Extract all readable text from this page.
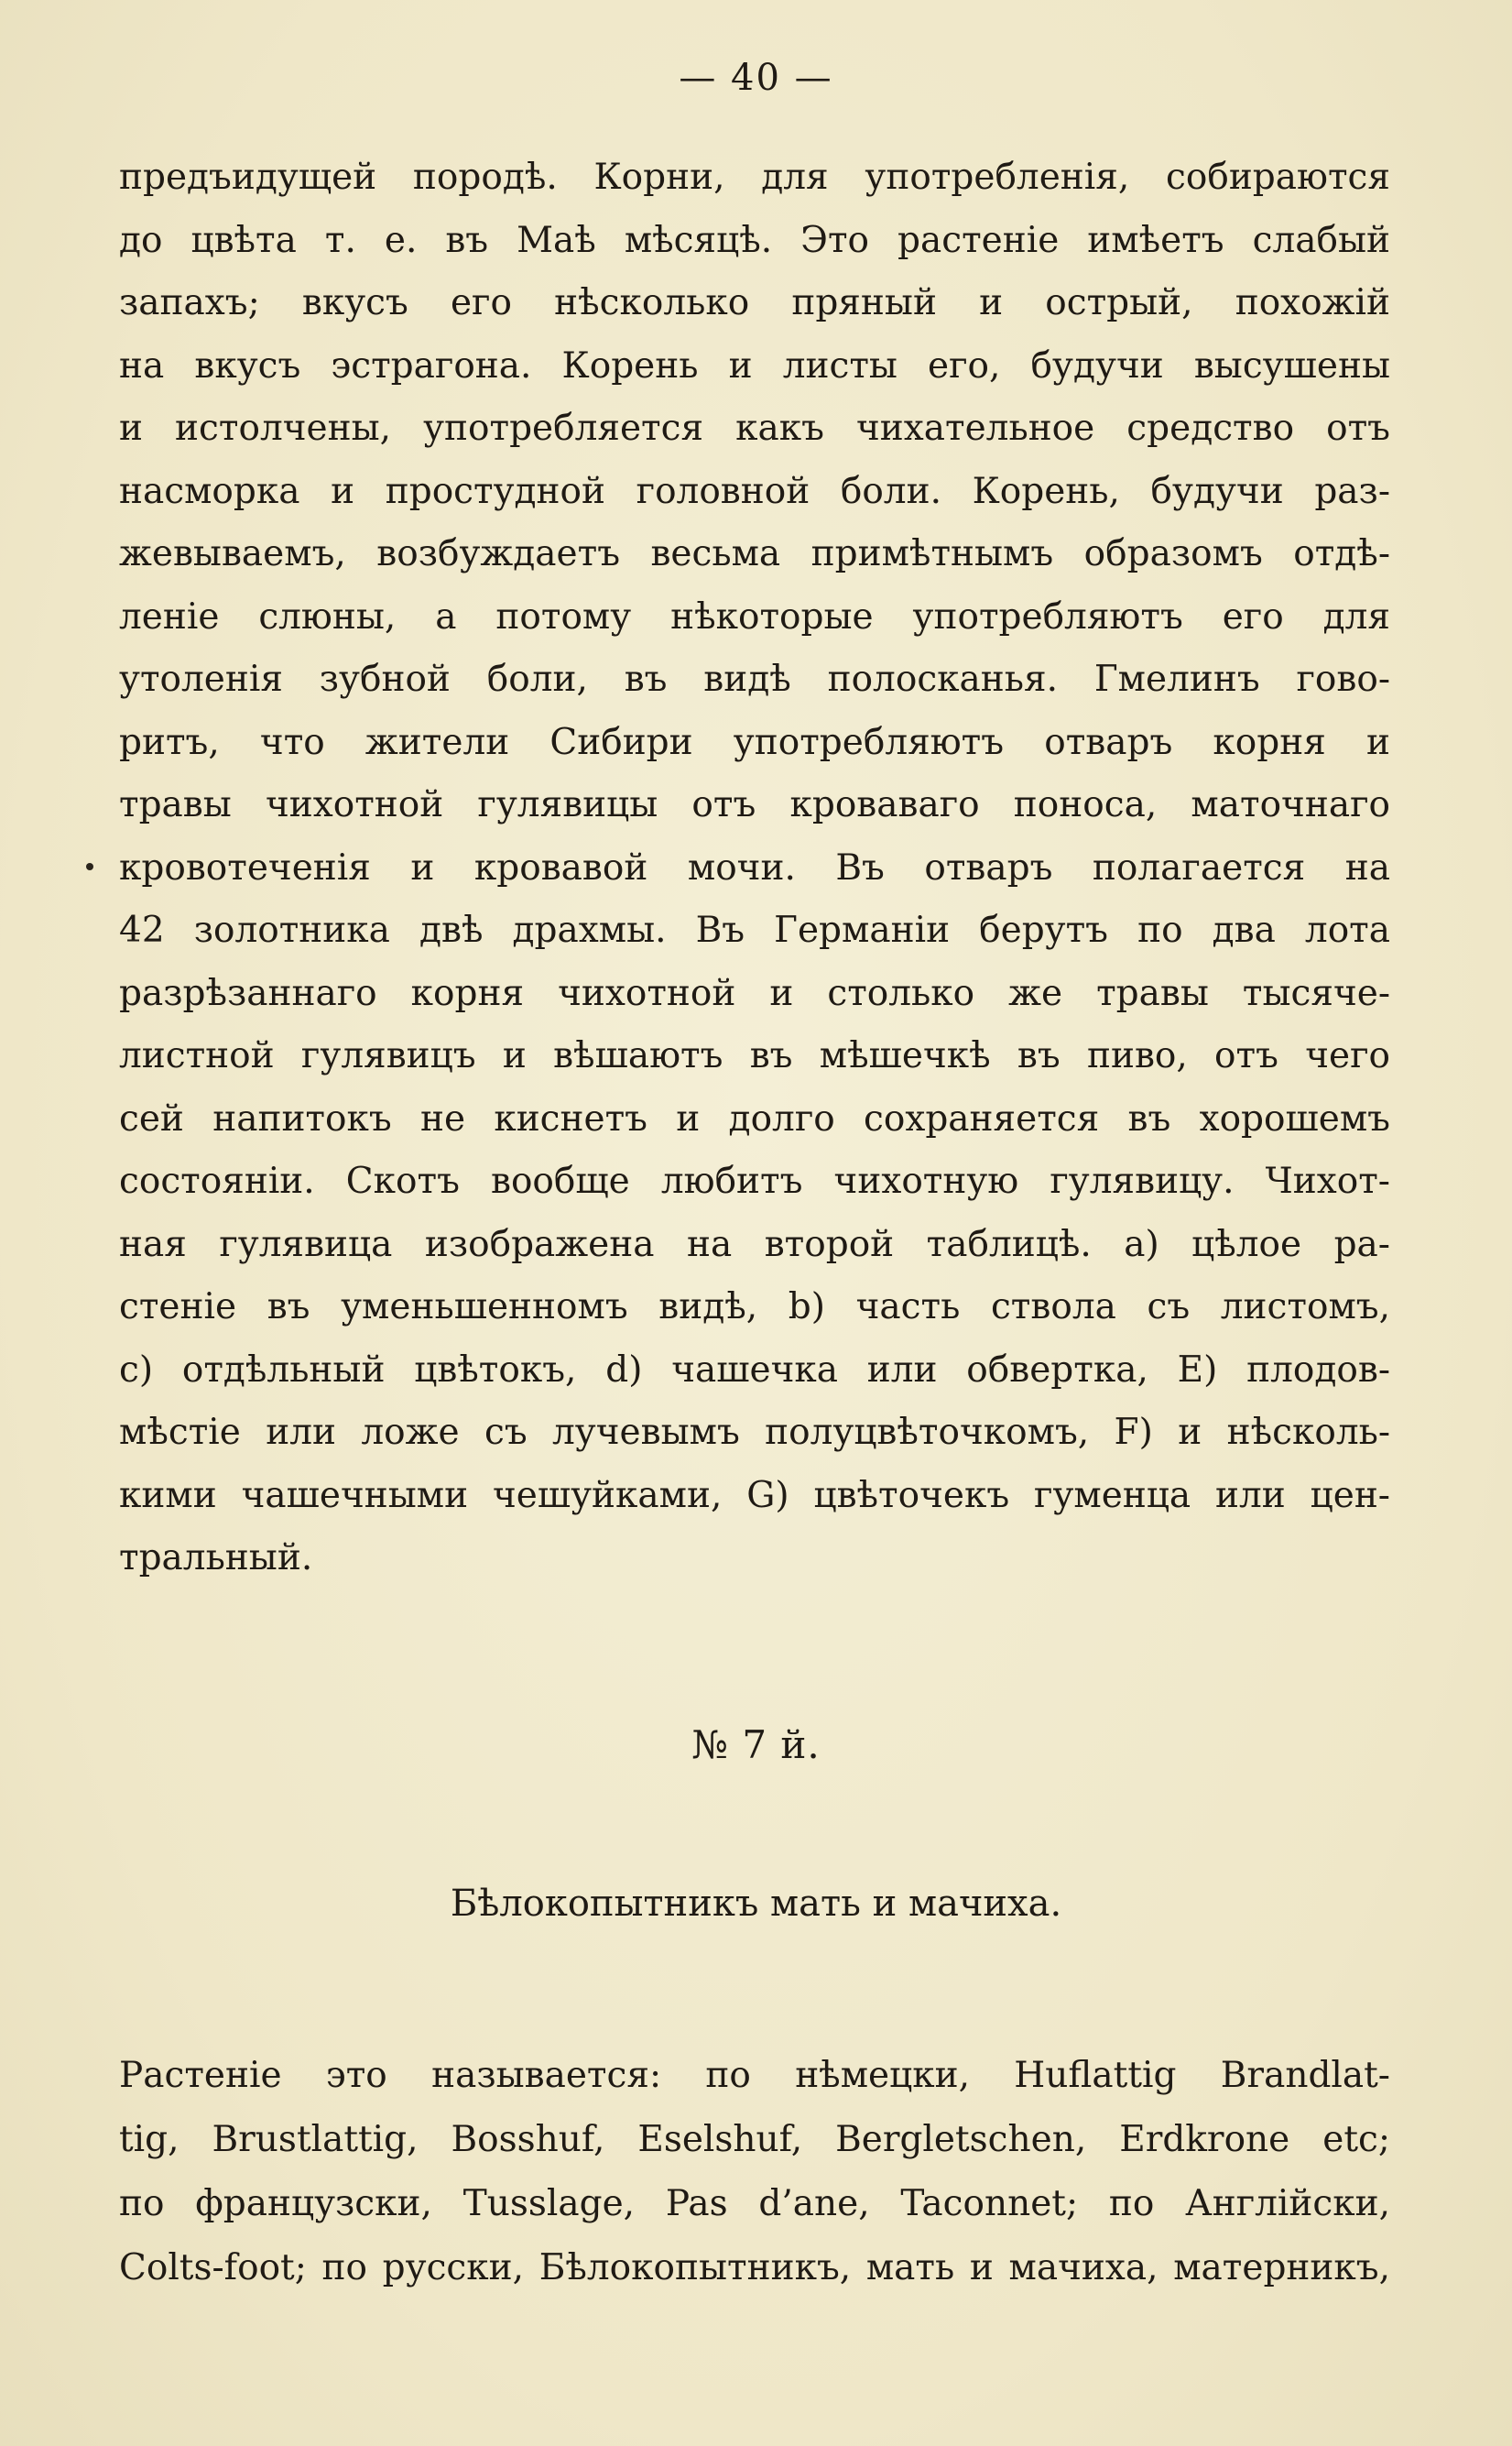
— 40 —
предъидущей породѣ. Корни, для употребленія, собираются
до цвѣта т. е. въ Маѣ мѣсяцѣ. Это растеніе имѣетъ слабый
запахъ; вкусъ его нѣсколько пряный и острый, похожій
на вкусъ эстрагона. Корень и листы его, будучи высушены
и истолчены, употребляется какъ чихательное средство отъ
насморка и простудной головной боли. Корень, будучи раз-
жевываемъ, возбуждаетъ весьма примѣтнымъ образомъ отдѣ-
леніе слюны, а потому нѣкоторые употребляютъ его для
утоленія зубной боли, въ видѣ полосканья. Гмелинъ гово-
ритъ, что жители Сибири употребляютъ отваръ корня и
травы чихотной гулявицы отъ кроваваго поноса, маточнаго
кровотеченія и кровавой мочи. Въ отваръ полагается на
42 золотника двѣ драхмы. Въ Германіи берутъ по два лота
разрѣзаннаго корня чихотной и столько же травы тысяче-
листной гулявицъ и вѣшаютъ въ мѣшечкѣ въ пиво, отъ чего
сей напитокъ не киснетъ и долго сохраняется въ хорошемъ
состояніи. Скотъ вообще любитъ чихотную гулявицу. Чихот-
ная гулявица изображена на второй таблицѣ. a) цѣлое ра-
стеніе въ уменьшенномъ видѣ, b) часть ствола съ листомъ,
c) отдѣльный цвѣтокъ, d) чашечка или обвертка, E) плодов-
мѣстіе или ложе съ лучевымъ полуцвѣточкомъ, F) и нѣсколь-
кими чашечными чешуйками, G) цвѣточекъ гуменца или цен-
тральный.
№ 7 й.
Бѣлокопытникъ мать и мачиха.
Растеніе это называется: по нѣмецки, Huflattig Brandlat-
tig, Brustlattig, Bosshuf, Eselshuf, Bergletschen, Erdkrone etc;
по французски, Tusslage, Pas d’ane, Taconnet; по Англійски,
Colts-foot; по русски, Бѣлокопытникъ, мать и мачиха, матерникъ,
